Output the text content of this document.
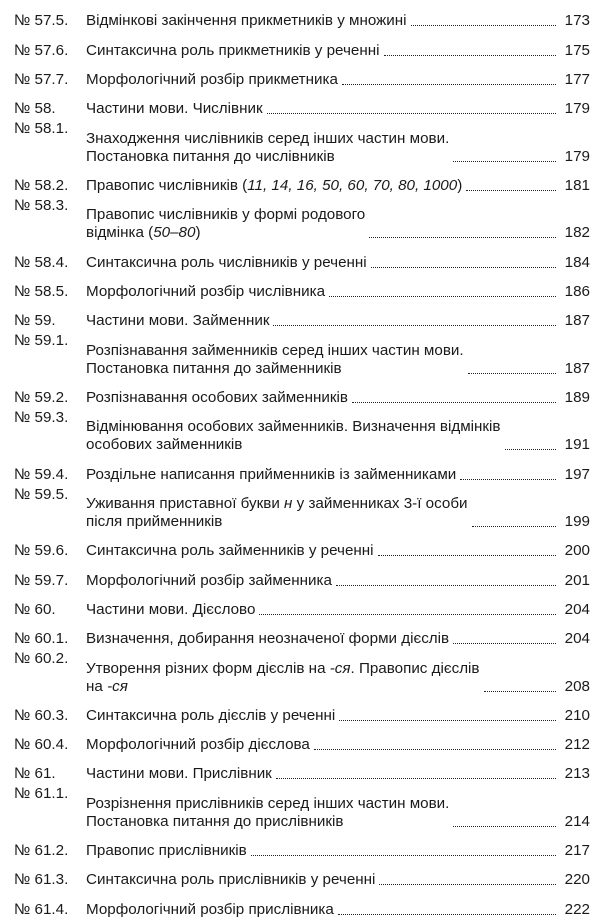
№ 57.5.	Відмінкові закінчення прикметників у множині	173
№ 57.6.	Синтаксична роль прикметників у реченні	175
№ 57.7.	Морфологічний розбір прикметника	177
№ 58.	Частини мови. Числівник	179
№ 58.1.
Знаходження числівників серед інших частин мови.
Постановка питання до числівників	179
№ 58.2.	Правопис числівників (11, 14, 16, 50, 60, 70, 80, 1000)	181
№ 58.3.
Правопис числівників у формі родового
відмінка (50–80)	182
№ 58.4.	Синтаксична роль числівників у реченні	184
№ 58.5.	Морфологічний розбір числівника	186
№ 59.	Частини мови. Займенник	187
№ 59.1.
Розпізнавання займенників серед інших частин мови.
Постановка питання до займенників	187
№ 59.2.	Розпізнавання особових займенників	189
№ 59.3.
Відмінювання особових займенників. Визначення відмінків
особових займенників	191
№ 59.4.	Роздільне написання прийменників із займенниками	197
№ 59.5.
Уживання приставної букви н у займенниках 3-ї особи
після прийменників	199
№ 59.6.	Синтаксична роль займенників у реченні	200
№ 59.7.	Морфологічний розбір займенника	201
№ 60.	Частини мови. Дієслово	204
№ 60.1.	Визначення, добирання неозначеної форми дієслів	204
№ 60.2.
Утворення різних форм дієслів на -ся. Правопис дієслів
на -ся	208
№ 60.3.	Синтаксична роль дієслів у реченні	210
№ 60.4.	Морфологічний розбір дієслова	212
№ 61.	Частини мови. Прислівник	213
№ 61.1.
Розрізнення прислівників серед інших частин мови.
Постановка питання до прислівників	214
№ 61.2.	Правопис прислівників	217
№ 61.3.	Синтаксична роль прислівників у реченні	220
№ 61.4.	Морфологічний розбір прислівника	222
